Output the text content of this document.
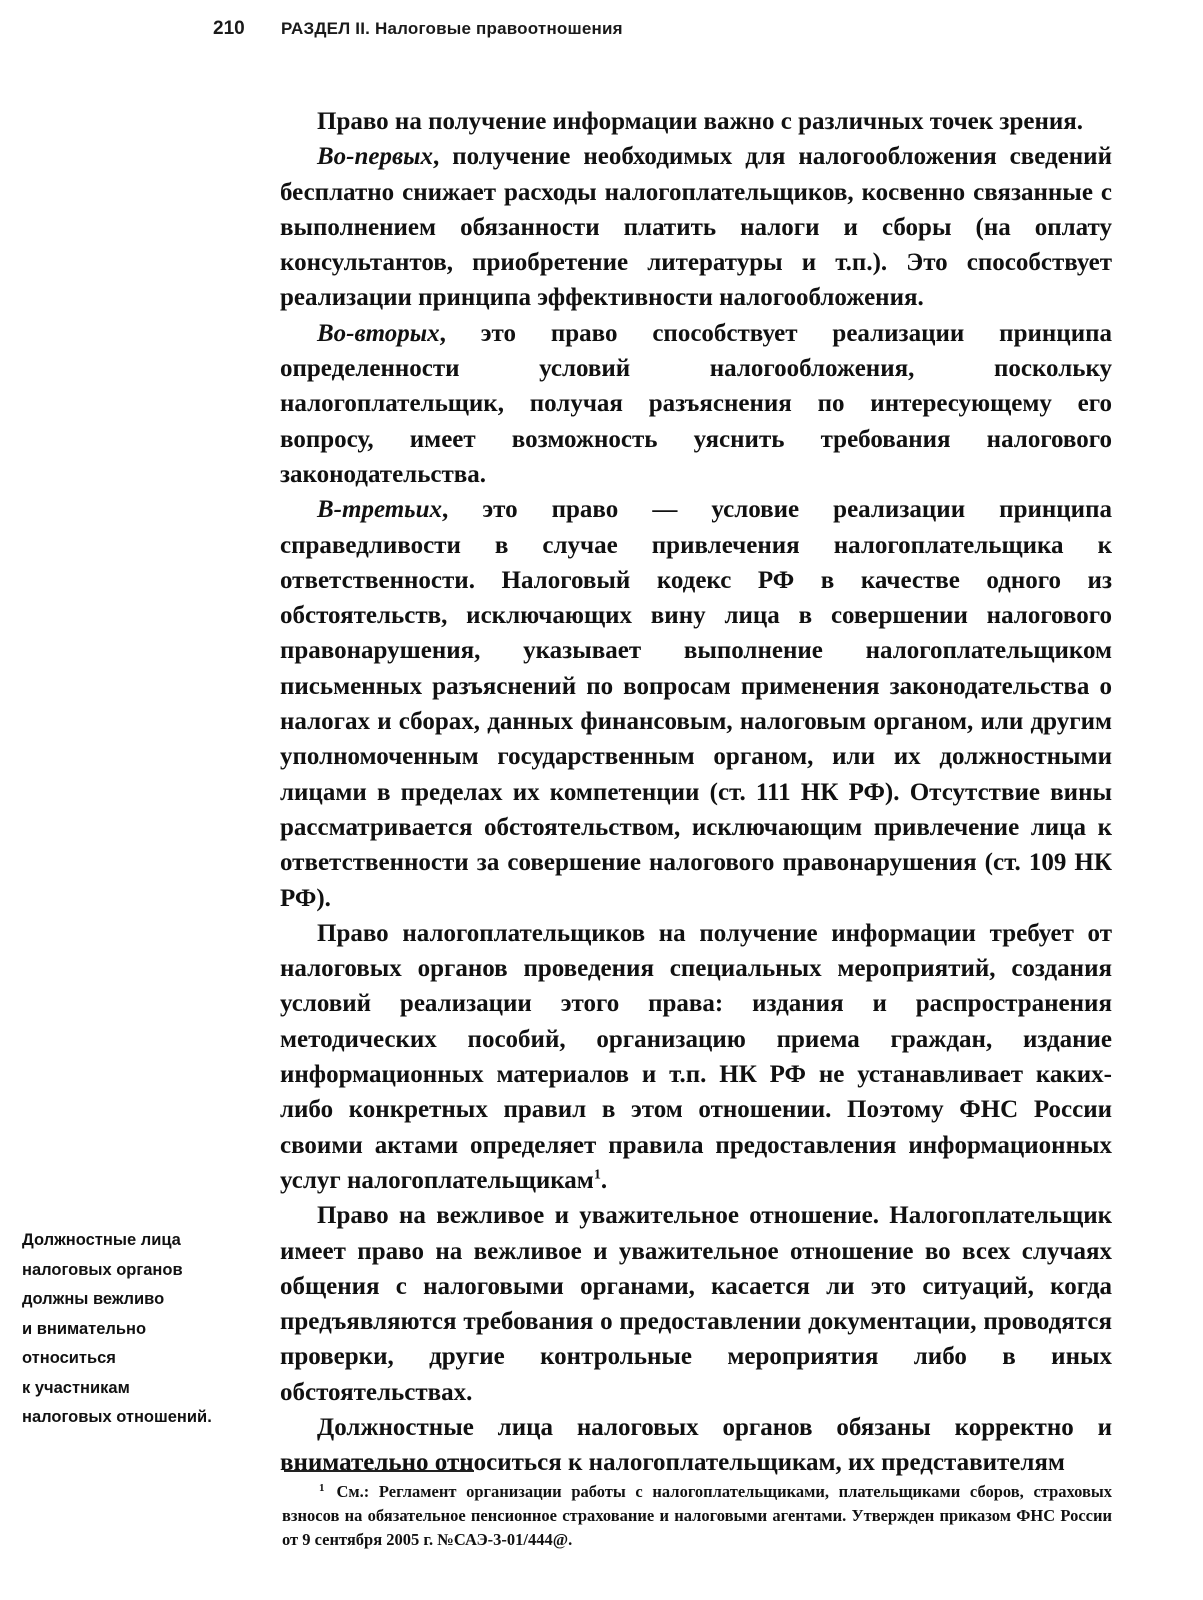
210 РАЗДЕЛ II. Налоговые правоотношения

Право на получение информации важно с различных точек зрения.

Во-первых, получение необходимых для налогообложения сведений бесплатно снижает расходы налогоплательщиков, косвенно связанные с выполнением обязанности платить налоги и сборы (на оплату консультантов, приобретение литературы и т.п.). Это способствует реализации принципа эффективности налогообложения.

Во-вторых, это право способствует реализации принципа определенности условий налогообложения, поскольку налогоплательщик, получая разъяснения по интересующему его вопросу, имеет возможность уяснить требования налогового законодательства.

В-третьих, это право — условие реализации принципа справедливости в случае привлечения налогоплательщика к ответственности. Налоговый кодекс РФ в качестве одного из обстоятельств, исключающих вину лица в совершении налогового правонарушения, указывает выполнение налогоплательщиком письменных разъяснений по вопросам применения законодательства о налогах и сборах, данных финансовым, налоговым органом, или другим уполномоченным государственным органом, или их должностными лицами в пределах их компетенции (ст. 111 НК РФ). Отсутствие вины рассматривается обстоятельством, исключающим привлечение лица к ответственности за совершение налогового правонарушения (ст. 109 НК РФ).

Право налогоплательщиков на получение информации требует от налоговых органов проведения специальных мероприятий, создания условий реализации этого права: издания и распространения методических пособий, организацию приема граждан, издание информационных материалов и т.п. НК РФ не устанавливает каких-либо конкретных правил в этом отношении. Поэтому ФНС России своими актами определяет правила предоставления информационных услуг налогоплательщикам$^1$.

Право на вежливое и уважительное отношение. Налогоплательщик имеет право на вежливое и уважительное отношение во всех случаях общения с налоговыми органами, касается ли это ситуаций, когда предъявляются требования о предоставлении документации, проводятся проверки, другие контрольные мероприятия либо в иных обстоятельствах.

Должностные лица налоговых органов обязаны корректно и внимательно относиться к налогоплательщикам, их представителям

Должностные лица
налоговых органов
должны вежливо
и внимательно
относиться
к участникам
налоговых отношений.

$^1$ См.: Регламент организации работы с налогоплательщиками, плательщиками сборов, страховых взносов на обязательное пенсионное страхование и налоговыми агентами. Утвержден приказом ФНС России от 9 сентября 2005 г. №САЭ-3-01/444@.
